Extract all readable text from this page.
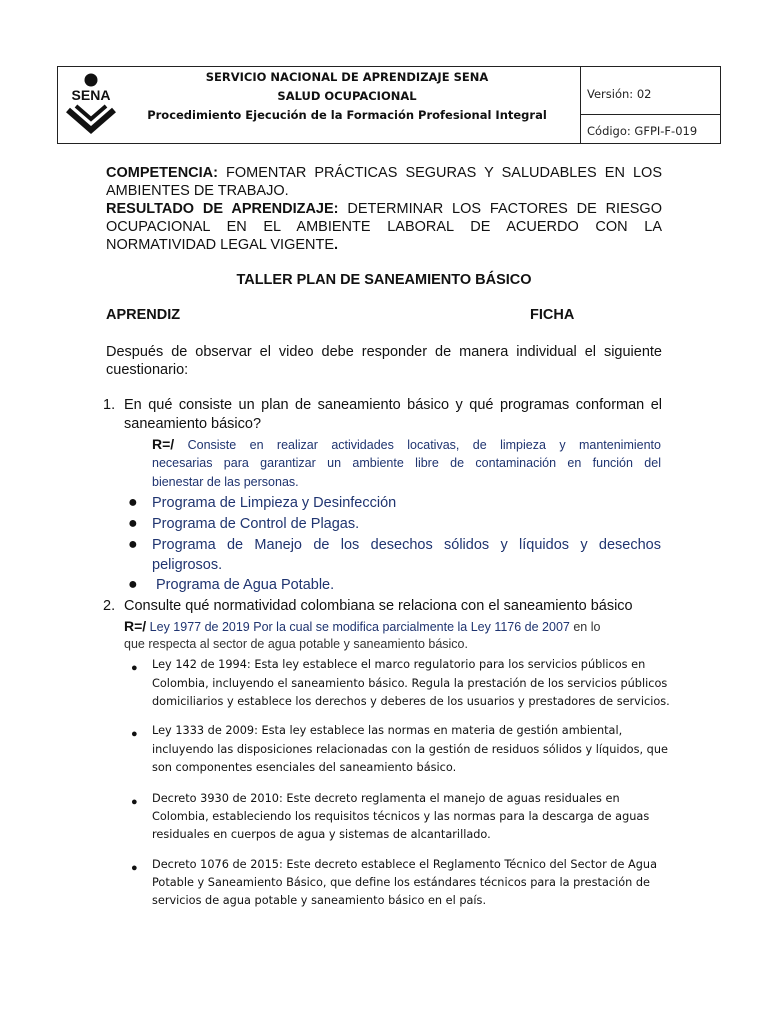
SENA
SERVICIO NACIONAL DE APRENDIZAJE SENA
SALUD OCUPACIONAL
Procedimiento Ejecución de la Formación Profesional Integral
Versión: 02
Código: GFPI-F-019
COMPETENCIA: FOMENTAR PRÁCTICAS SEGURAS Y SALUDABLES EN LOS
AMBIENTES DE TRABAJO.
RESULTADO DE APRENDIZAJE: DETERMINAR LOS FACTORES DE RIESGO
OCUPACIONAL EN EL AMBIENTE LABORAL DE ACUERDO CON LA
NORMATIVIDAD LEGAL VIGENTE.
TALLER PLAN DE SANEAMIENTO BÁSICO
APRENDIZ	FICHA
Después de observar el video debe responder de manera individual el siguiente
cuestionario:
1. En qué consiste un plan de saneamiento básico y qué programas conforman el
saneamiento básico?
R=/ Consiste en realizar actividades locativas, de limpieza y mantenimiento
necesarias para garantizar un ambiente libre de contaminación en función del
bienestar de las personas.
● Programa de Limpieza y Desinfección
● Programa de Control de Plagas.
● Programa de Manejo de los desechos sólidos y líquidos y desechos
peligrosos.
● Programa de Agua Potable.
2. Consulte qué normatividad colombiana se relaciona con el saneamiento básico
R=/ Ley 1977 de 2019 Por la cual se modifica parcialmente la Ley 1176 de 2007 en lo
que respecta al sector de agua potable y saneamiento básico.
● Ley 142 de 1994: Esta ley establece el marco regulatorio para los servicios públicos en
Colombia, incluyendo el saneamiento básico. Regula la prestación de los servicios públicos
domiciliarios y establece los derechos y deberes de los usuarios y prestadores de servicios.
● Ley 1333 de 2009: Esta ley establece las normas en materia de gestión ambiental,
incluyendo las disposiciones relacionadas con la gestión de residuos sólidos y líquidos, que
son componentes esenciales del saneamiento básico.
● Decreto 3930 de 2010: Este decreto reglamenta el manejo de aguas residuales en
Colombia, estableciendo los requisitos técnicos y las normas para la descarga de aguas
residuales en cuerpos de agua y sistemas de alcantarillado.
● Decreto 1076 de 2015: Este decreto establece el Reglamento Técnico del Sector de Agua
Potable y Saneamiento Básico, que define los estándares técnicos para la prestación de
servicios de agua potable y saneamiento básico en el país.
